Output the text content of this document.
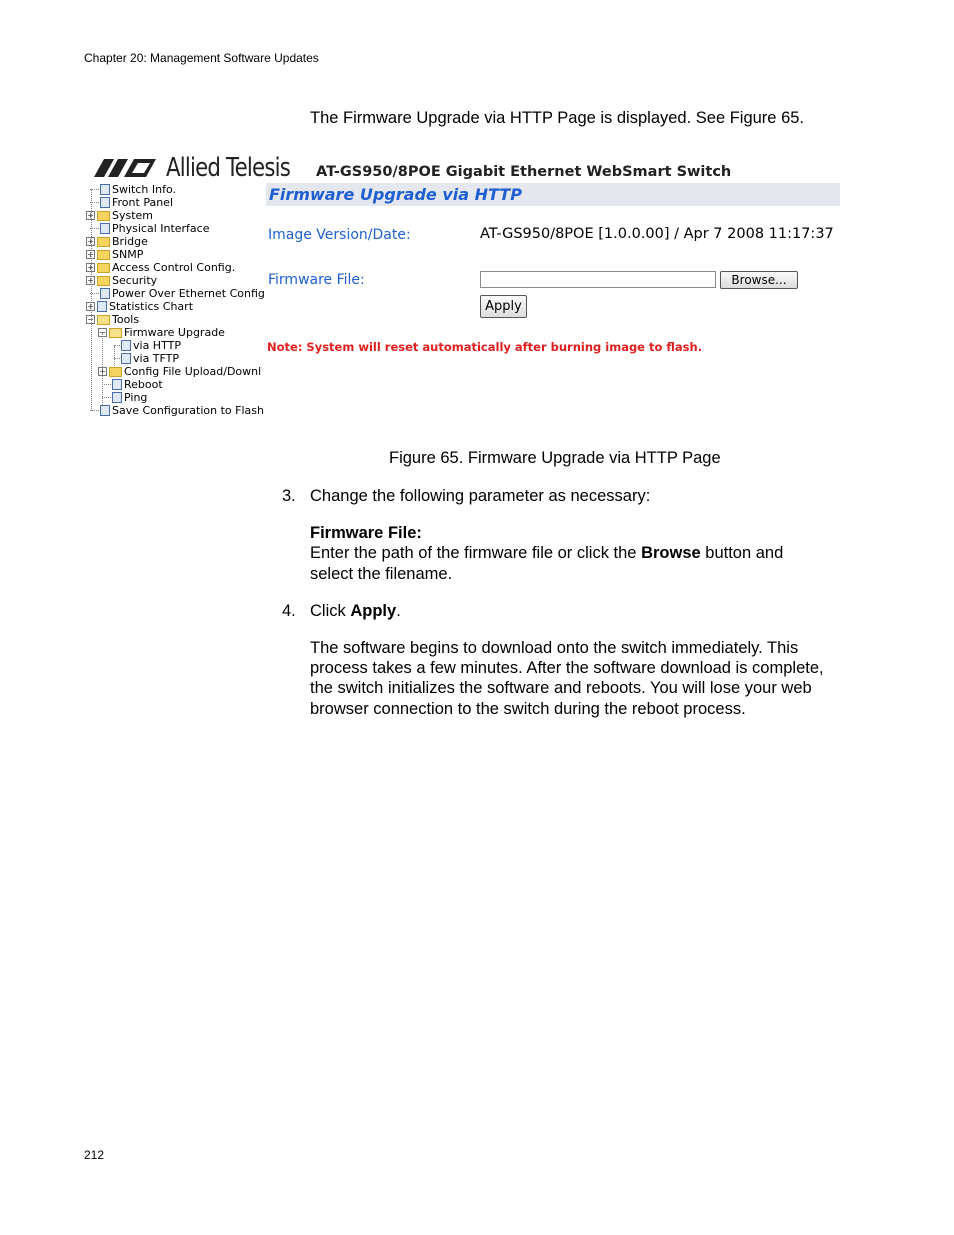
Chapter 20: Management Software Updates
The Firmware Upgrade via HTTP Page is displayed. See Figure 65.
Allied Telesis AT-GS950/8POE Gigabit Ethernet WebSmart Switch
Switch Info.
Front Panel
+ System
Physical Interface
+ Bridge
+ SNMP
+ Access Control Config.
+ Security
Power Over Ethernet Config
+ Statistics Chart
− Tools
− Firmware Upgrade
via HTTP
via TFTP
+ Config File Upload/Downl
Reboot
Ping
Save Configuration to Flash
Firmware Upgrade via HTTP
Image Version/Date:	AT-GS950/8POE [1.0.0.00] / Apr 7 2008 11:17:37
Firmware File:	Browse...
Apply
Note: System will reset automatically after burning image to flash.
Figure 65. Firmware Upgrade via HTTP Page
3. Change the following parameter as necessary:
Firmware File:
Enter the path of the firmware file or click the Browse button and
select the filename.
4. Click Apply.
The software begins to download onto the switch immediately. This
process takes a few minutes. After the software download is complete,
the switch initializes the software and reboots. You will lose your web
browser connection to the switch during the reboot process.
212
